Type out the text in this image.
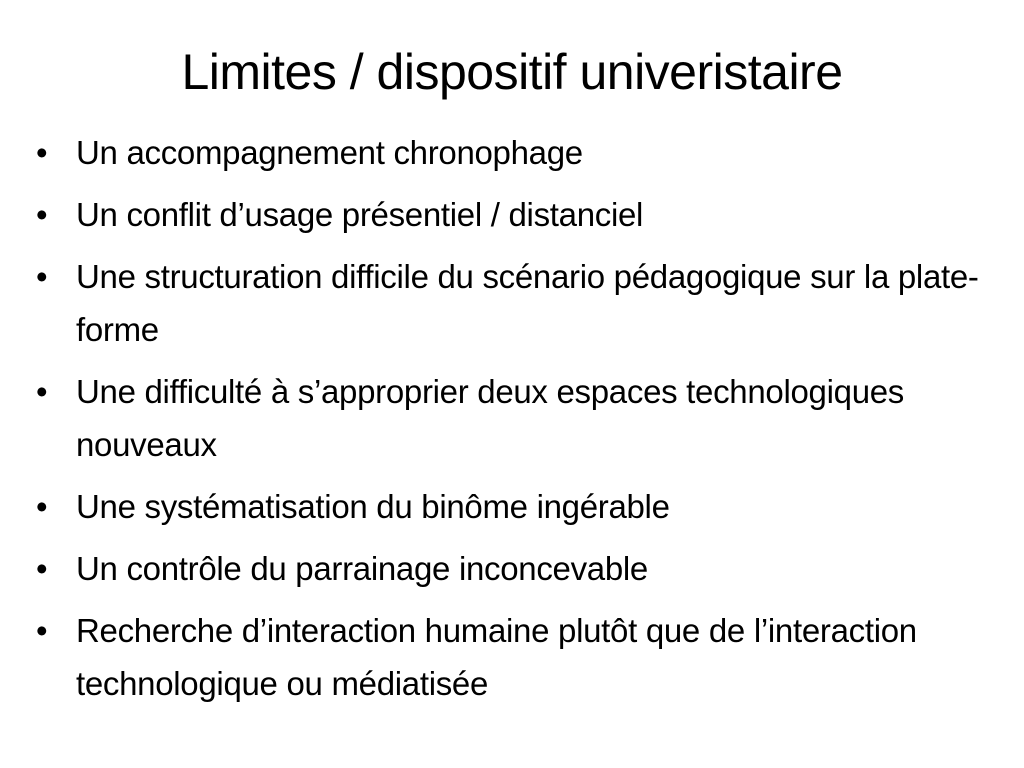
Limites / dispositif univeristaire
• Un accompagnement chronophage
• Un conflit d’usage présentiel / distanciel
• Une structuration difficile du scénario pédagogique sur la plate-forme
• Une difficulté à s’approprier deux espaces technologiques nouveaux
• Une systématisation du binôme ingérable
• Un contrôle du parrainage inconcevable
• Recherche d’interaction humaine plutôt que de l’interaction technologique ou médiatisée
